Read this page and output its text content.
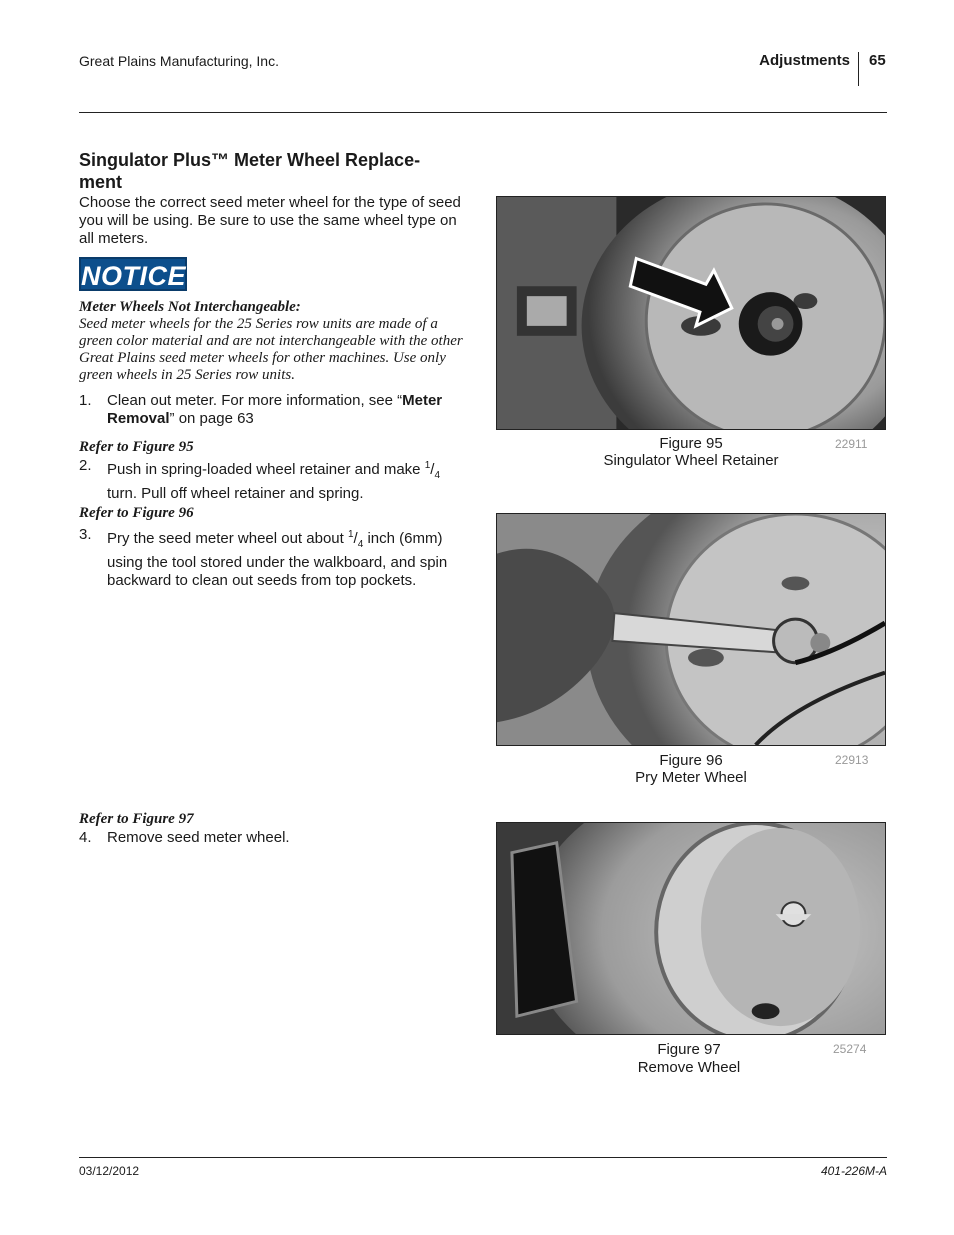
Great Plains Manufacturing, Inc.	Adjustments 65
Singulator Plus™ Meter Wheel Replace-
ment
Choose the correct seed meter wheel for the type of seed you will be using. Be sure to use the same wheel type on all meters.
NOTICE
Meter Wheels Not Interchangeable:
Seed meter wheels for the 25 Series row units are made of a green color material and are not interchangeable with the other Great Plains seed meter wheels for other machines. Use only green wheels in 25 Series row units.
1. Clean out meter. For more information, see “Meter Removal” on page 63
Refer to Figure 95
2. Push in spring-loaded wheel retainer and make $^1/_4$ turn. Pull off wheel retainer and spring.
Refer to Figure 96
3. Pry the seed meter wheel out about $^1/_4$ inch (6mm) using the tool stored under the walkboard, and spin backward to clean out seeds from top pockets.
Refer to Figure 97
4. Remove seed meter wheel.
Figure 95
Singulator Wheel Retainer
22911
Figure 96
Pry Meter Wheel
22913
Figure 97
Remove Wheel
25274
03/12/2012	401-226M-A
